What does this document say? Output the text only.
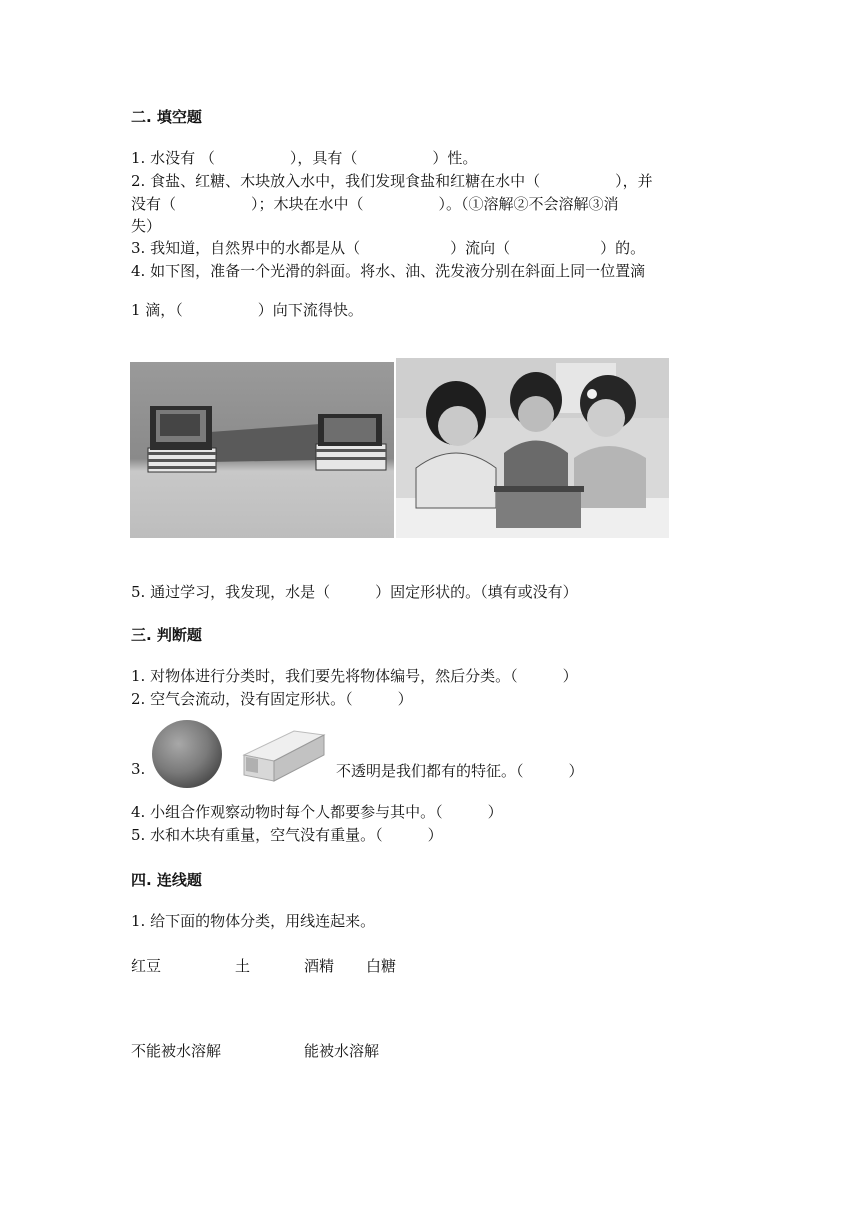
二. 填空题
1. 水没有 （　　　　　），具有（　　　　　）性。
2. 食盐、红糖、木块放入水中，我们发现食盐和红糖在水中（　　　　　），并
没有（　　　　　）；木块在水中（　　　　　）。（①溶解②不会溶解③消
失）
3. 我知道，自然界中的水都是从（　　　　　　）流向（　　　　　　）的。
4. 如下图，准备一个光滑的斜面。将水、油、洗发液分别在斜面上同一位置滴
1 滴，（　　　　　）向下流得快。
5. 通过学习，我发现，水是（　　　）固定形状的。（填有或没有）
三. 判断题
1. 对物体进行分类时，我们要先将物体编号，然后分类。（　　　）
2. 空气会流动，没有固定形状。（　　　）
3.	不透明是我们都有的特征。（　　　）
4. 小组合作观察动物时每个人都要参与其中。（　　　）
5. 水和木块有重量，空气没有重量。（　　　）
四. 连线题
1. 给下面的物体分类，用线连起来。
红豆	土	酒精 白糖
不能被水溶解	能被水溶解
